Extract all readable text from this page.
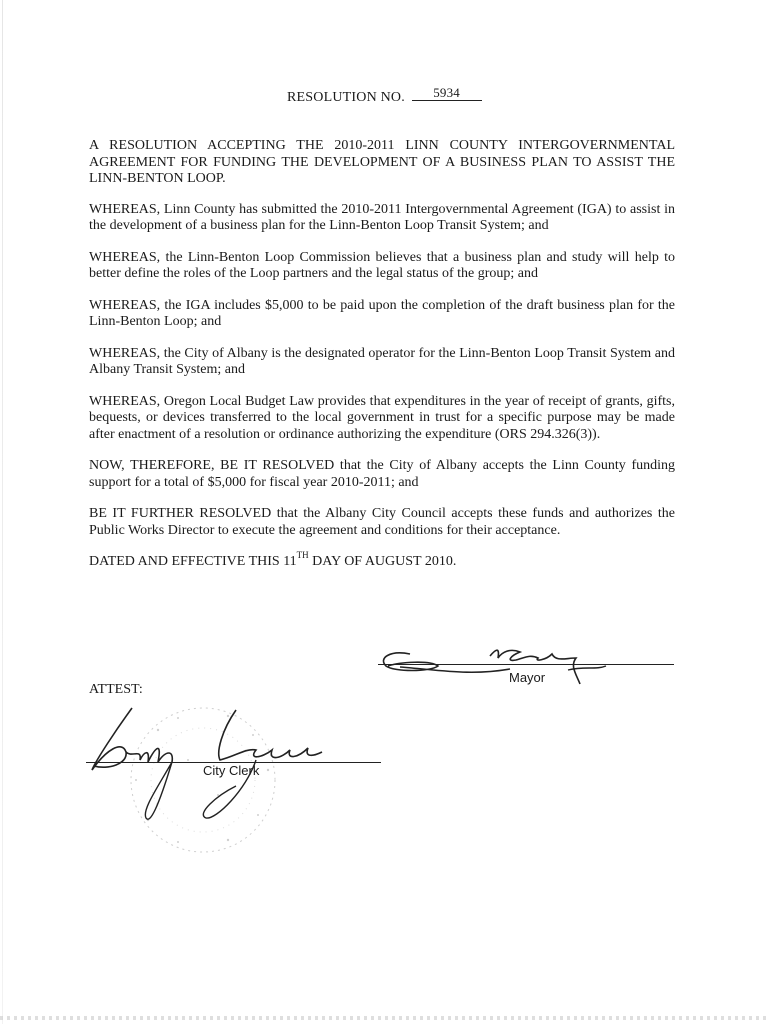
RESOLUTION NO. 5934

A RESOLUTION ACCEPTING THE 2010-2011 LINN COUNTY INTERGOVERNMENTAL AGREEMENT FOR FUNDING THE DEVELOPMENT OF A BUSINESS PLAN TO ASSIST THE LINN-BENTON LOOP.

WHEREAS, Linn County has submitted the 2010-2011 Intergovernmental Agreement (IGA) to assist in the development of a business plan for the Linn-Benton Loop Transit System; and

WHEREAS, the Linn-Benton Loop Commission believes that a business plan and study will help to better define the roles of the Loop partners and the legal status of the group; and

WHEREAS, the IGA includes $5,000 to be paid upon the completion of the draft business plan for the Linn-Benton Loop; and

WHEREAS, the City of Albany is the designated operator for the Linn-Benton Loop Transit System and Albany Transit System; and

WHEREAS, Oregon Local Budget Law provides that expenditures in the year of receipt of grants, gifts, bequests, or devices transferred to the local government in trust for a specific purpose may be made after enactment of a resolution or ordinance authorizing the expenditure (ORS 294.326(3)).

NOW, THEREFORE, BE IT RESOLVED that the City of Albany accepts the Linn County funding support for a total of $5,000 for fiscal year 2010-2011; and

BE IT FURTHER RESOLVED that the Albany City Council accepts these funds and authorizes the Public Works Director to execute the agreement and conditions for their acceptance.

DATED AND EFFECTIVE THIS 11TH DAY OF AUGUST 2010.

Mayor
ATTEST:
City Clerk
